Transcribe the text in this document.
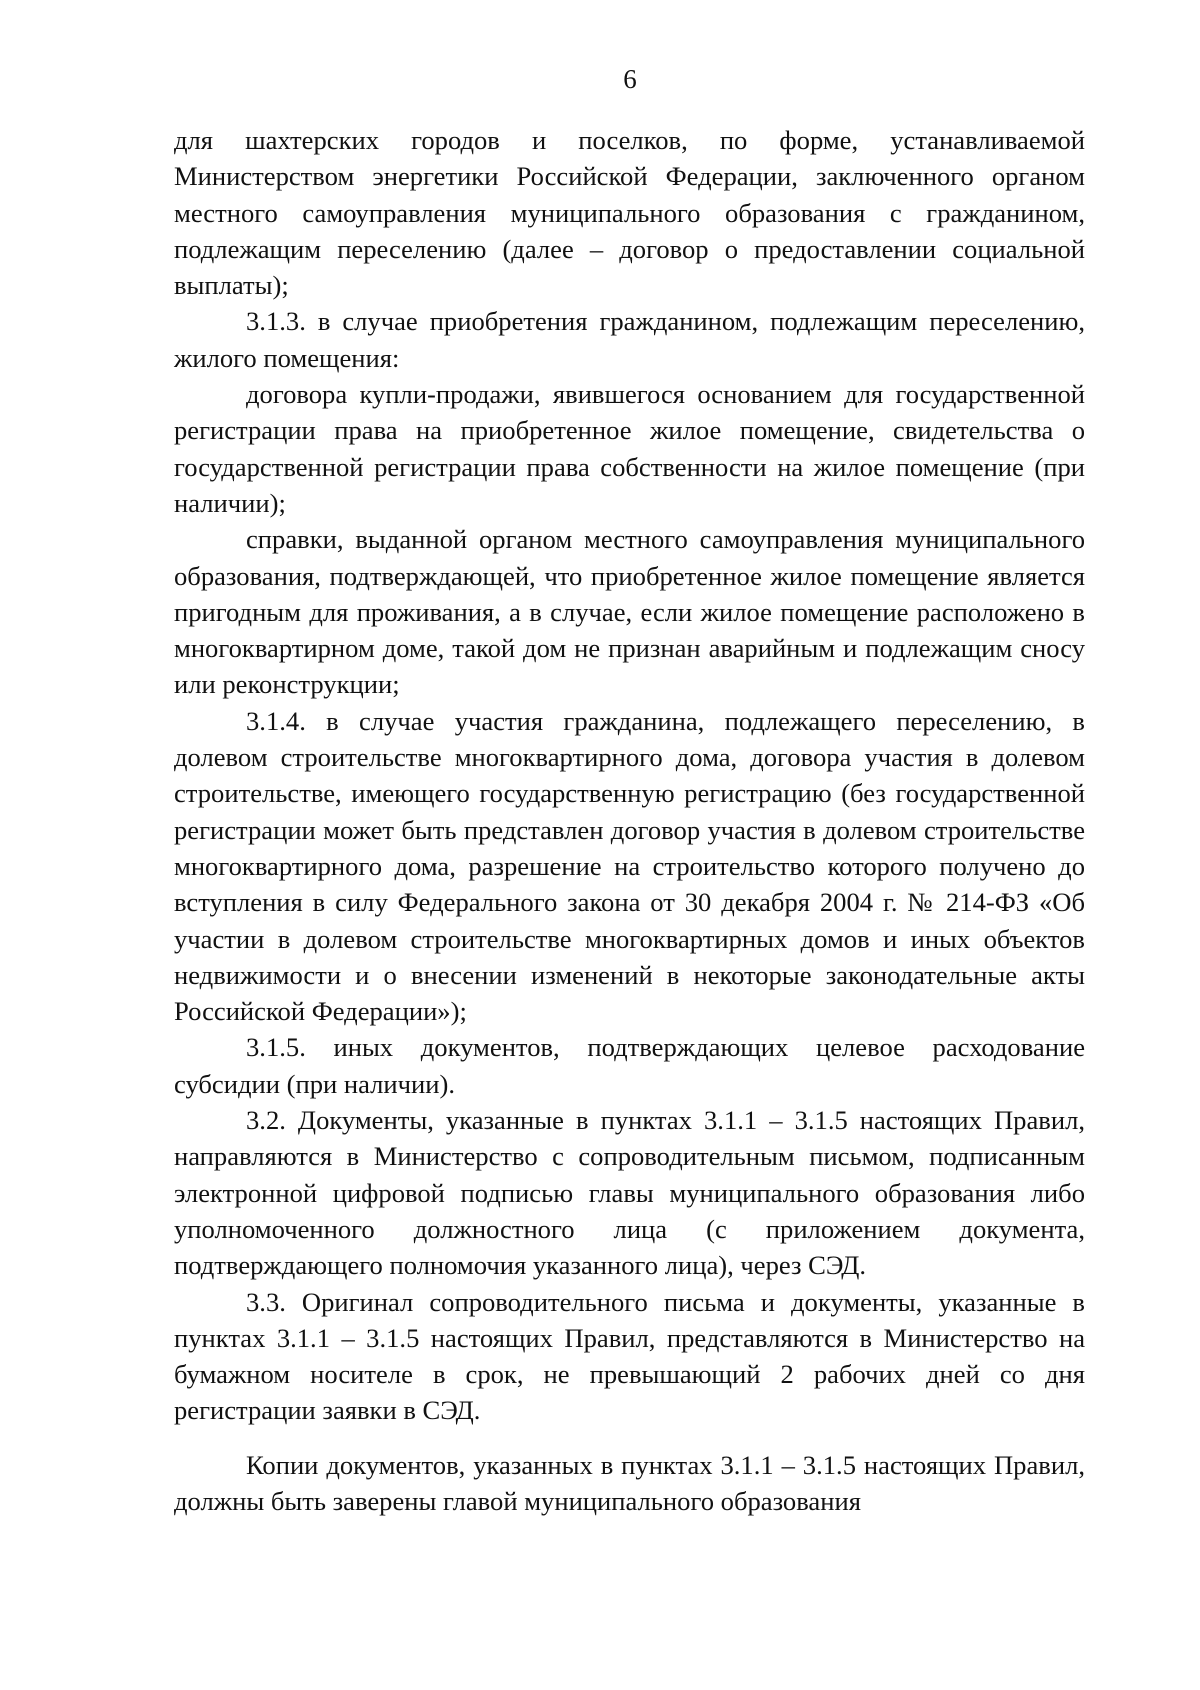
6

для шахтерских городов и поселков, по форме, устанавливаемой Министерством энергетики Российской Федерации, заключенного органом местного самоуправления муниципального образования с гражданином, подлежащим переселению (далее – договор о предоставлении социальной выплаты);

3.1.3. в случае приобретения гражданином, подлежащим переселению, жилого помещения:

договора купли-продажи, явившегося основанием для государственной регистрации права на приобретенное жилое помещение, свидетельства о государственной регистрации права собственности на жилое помещение (при наличии);

справки, выданной органом местного самоуправления муниципального образования, подтверждающей, что приобретенное жилое помещение является пригодным для проживания, а в случае, если жилое помещение расположено в многоквартирном доме, такой дом не признан аварийным и подлежащим сносу или реконструкции;

3.1.4. в случае участия гражданина, подлежащего переселению, в долевом строительстве многоквартирного дома, договора участия в долевом строительстве, имеющего государственную регистрацию (без государственной регистрации может быть представлен договор участия в долевом строительстве многоквартирного дома, разрешение на строительство которого получено до вступления в силу Федерального закона от 30 декабря 2004 г. № 214-ФЗ «Об участии в долевом строительстве многоквартирных домов и иных объектов недвижимости и о внесении изменений в некоторые законодательные акты Российской Федерации»);

3.1.5. иных документов, подтверждающих целевое расходование субсидии (при наличии).

3.2. Документы, указанные в пунктах 3.1.1 – 3.1.5 настоящих Правил, направляются в Министерство с сопроводительным письмом, подписанным электронной цифровой подписью главы муниципального образования либо уполномоченного должностного лица (с приложением документа, подтверждающего полномочия указанного лица), через СЭД.

3.3. Оригинал сопроводительного письма и документы, указанные в пунктах 3.1.1 – 3.1.5 настоящих Правил, представляются в Министерство на бумажном носителе в срок, не превышающий 2 рабочих дней со дня регистрации заявки в СЭД.

Копии документов, указанных в пунктах 3.1.1 – 3.1.5 настоящих Правил, должны быть заверены главой муниципального образования
